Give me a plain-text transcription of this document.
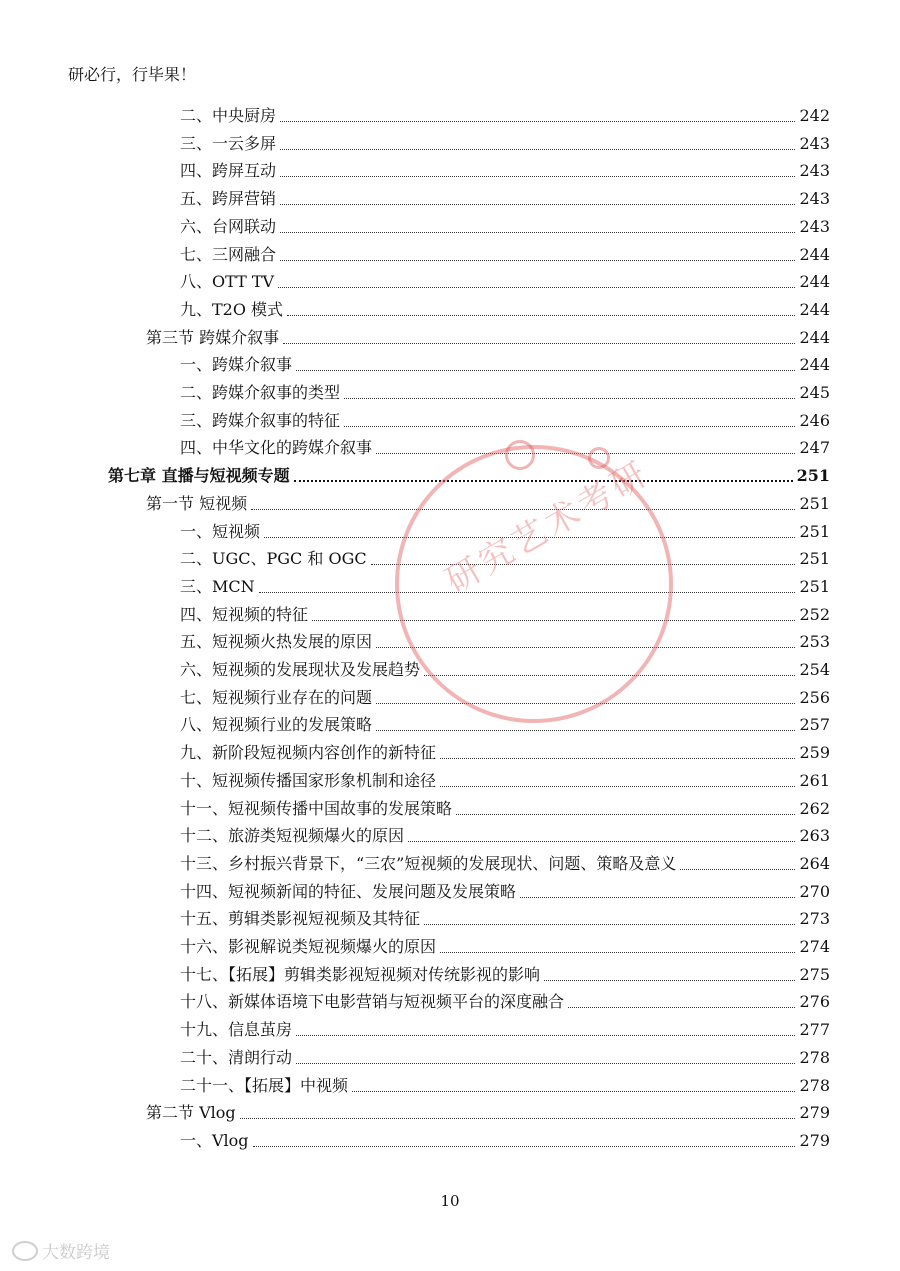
研必行，行毕果！
二、中央厨房	242
三、一云多屏	243
四、跨屏互动	243
五、跨屏营销	243
六、台网联动	243
七、三网融合	244
八、OTT TV	244
九、T2O 模式	244
第三节 跨媒介叙事	244
一、跨媒介叙事	244
二、跨媒介叙事的类型	245
三、跨媒介叙事的特征	246
四、中华文化的跨媒介叙事	247
第七章 直播与短视频专题	251
第一节 短视频	251
一、短视频	251
二、UGC、PGC 和 OGC	251
三、MCN	251
四、短视频的特征	252
五、短视频火热发展的原因	253
六、短视频的发展现状及发展趋势	254
七、短视频行业存在的问题	256
八、短视频行业的发展策略	257
九、新阶段短视频内容创作的新特征	259
十、短视频传播国家形象机制和途径	261
十一、短视频传播中国故事的发展策略	262
十二、旅游类短视频爆火的原因	263
十三、乡村振兴背景下，“三农”短视频的发展现状、问题、策略及意义	264
十四、短视频新闻的特征、发展问题及发展策略	270
十五、剪辑类影视短视频及其特征	273
十六、影视解说类短视频爆火的原因	274
十七、【拓展】剪辑类影视短视频对传统影视的影响	275
十八、新媒体语境下电影营销与短视频平台的深度融合	276
十九、信息茧房	277
二十、清朗行动	278
二十一、【拓展】中视频	278
第二节 Vlog	279
一、Vlog	279
研究艺术考研
10
大数跨境
